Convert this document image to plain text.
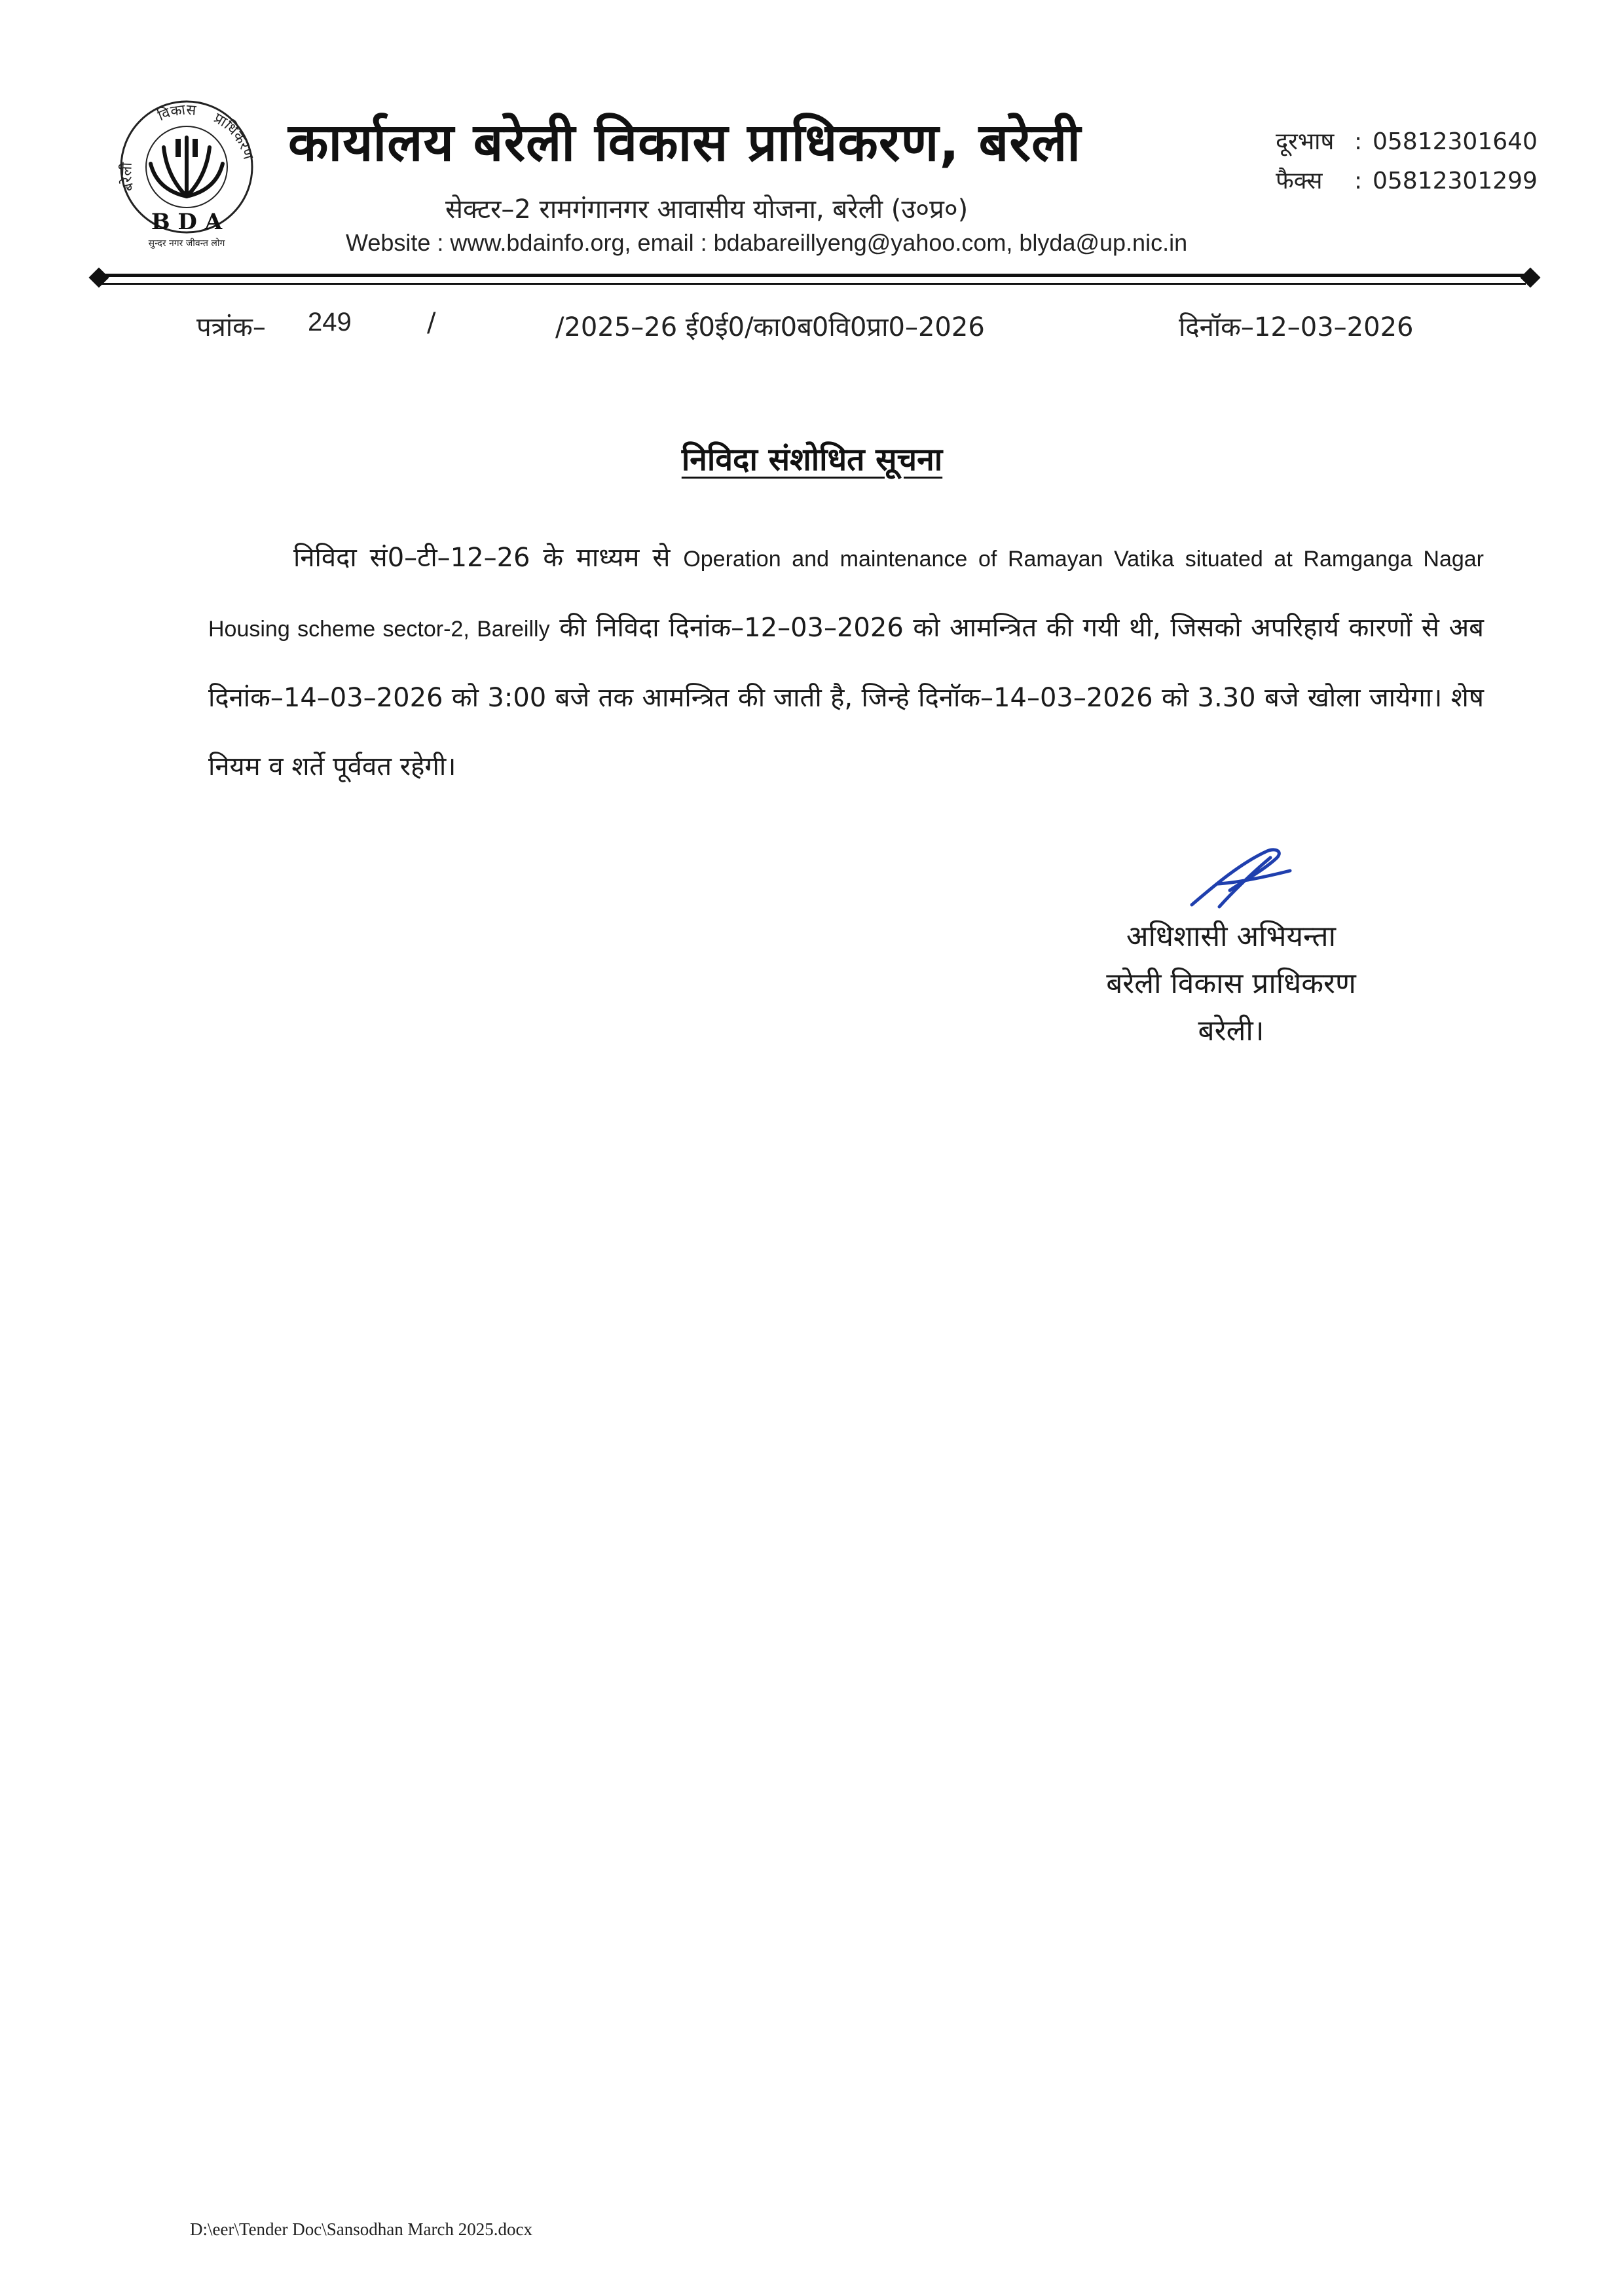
बरेली
विकास प्राधिकरण
B D A
सुन्दर नगर जीवन्त लोग
कार्यालय बरेली विकास प्राधिकरण, बरेली
सेक्टर–2 रामगंगानगर आवासीय योजना, बरेली (उ०प्र०)
Website : www.bdainfo.org, email : bdabareillyeng@yahoo.com, blyda@up.nic.in
दूरभाष : 05812301640
फैक्स : 05812301299
पत्रांक– 249	/	/2025–26 ई0ई0/का0ब0वि0प्रा0–2026	दिनॉक–12–03–2026
निविदा संशोधित सूचना
निविदा सं0–टी–12–26 के माध्यम से Operation and maintenance of Ramayan Vatika situated at Ramganga Nagar Housing scheme sector-2, Bareilly की निविदा दिनांक–12–03–2026 को आमन्त्रित की गयी थी, जिसको अपरिहार्य कारणों से अब दिनांक–14–03–2026 को 3:00 बजे तक आमन्त्रित की जाती है, जिन्हे दिनॉक–14–03–2026 को 3.30 बजे खोला जायेगा। शेष नियम व शर्ते पूर्ववत रहेगी।
अधिशासी अभियन्ता
बरेली विकास प्राधिकरण
बरेली।
D:\eer\Tender Doc\Sansodhan March 2025.docx
